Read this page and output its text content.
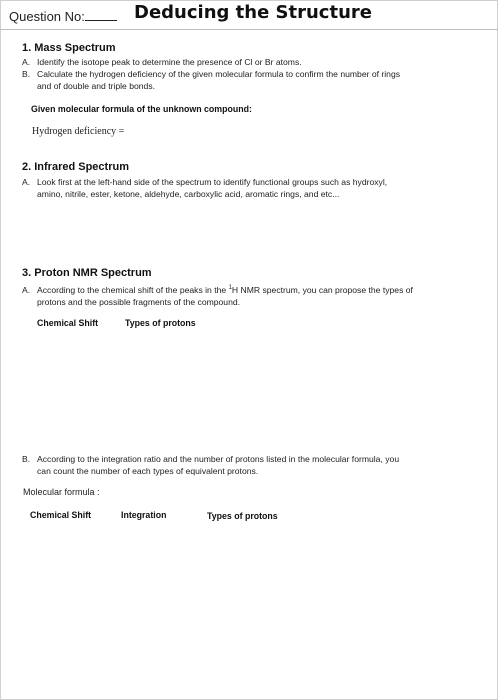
Question No:	Deducing the Structure
1. Mass Spectrum
A. Identify the isotope peak to determine the presence of Cl or Br atoms.
B. Calculate the hydrogen deficiency of the given molecular formula to confirm the number of rings
and of double and triple bonds.
Given molecular formula of the unknown compound:
Hydrogen deficiency =
2. Infrared Spectrum
A. Look first at the left-hand side of the spectrum to identify functional groups such as hydroxyl,
amino, nitrile, ester, ketone, aldehyde, carboxylic acid, aromatic rings, and etc...
3. Proton NMR Spectrum
A. According to the chemical shift of the peaks in the $^1$H NMR spectrum, you can propose the types of
protons and the possible fragments of the compound.
Chemical Shift	Types of protons
B. According to the integration ratio and the number of protons listed in the molecular formula, you
can count the number of each types of equivalent protons.
Molecular formula :
Chemical Shift	Integration	Types of protons
